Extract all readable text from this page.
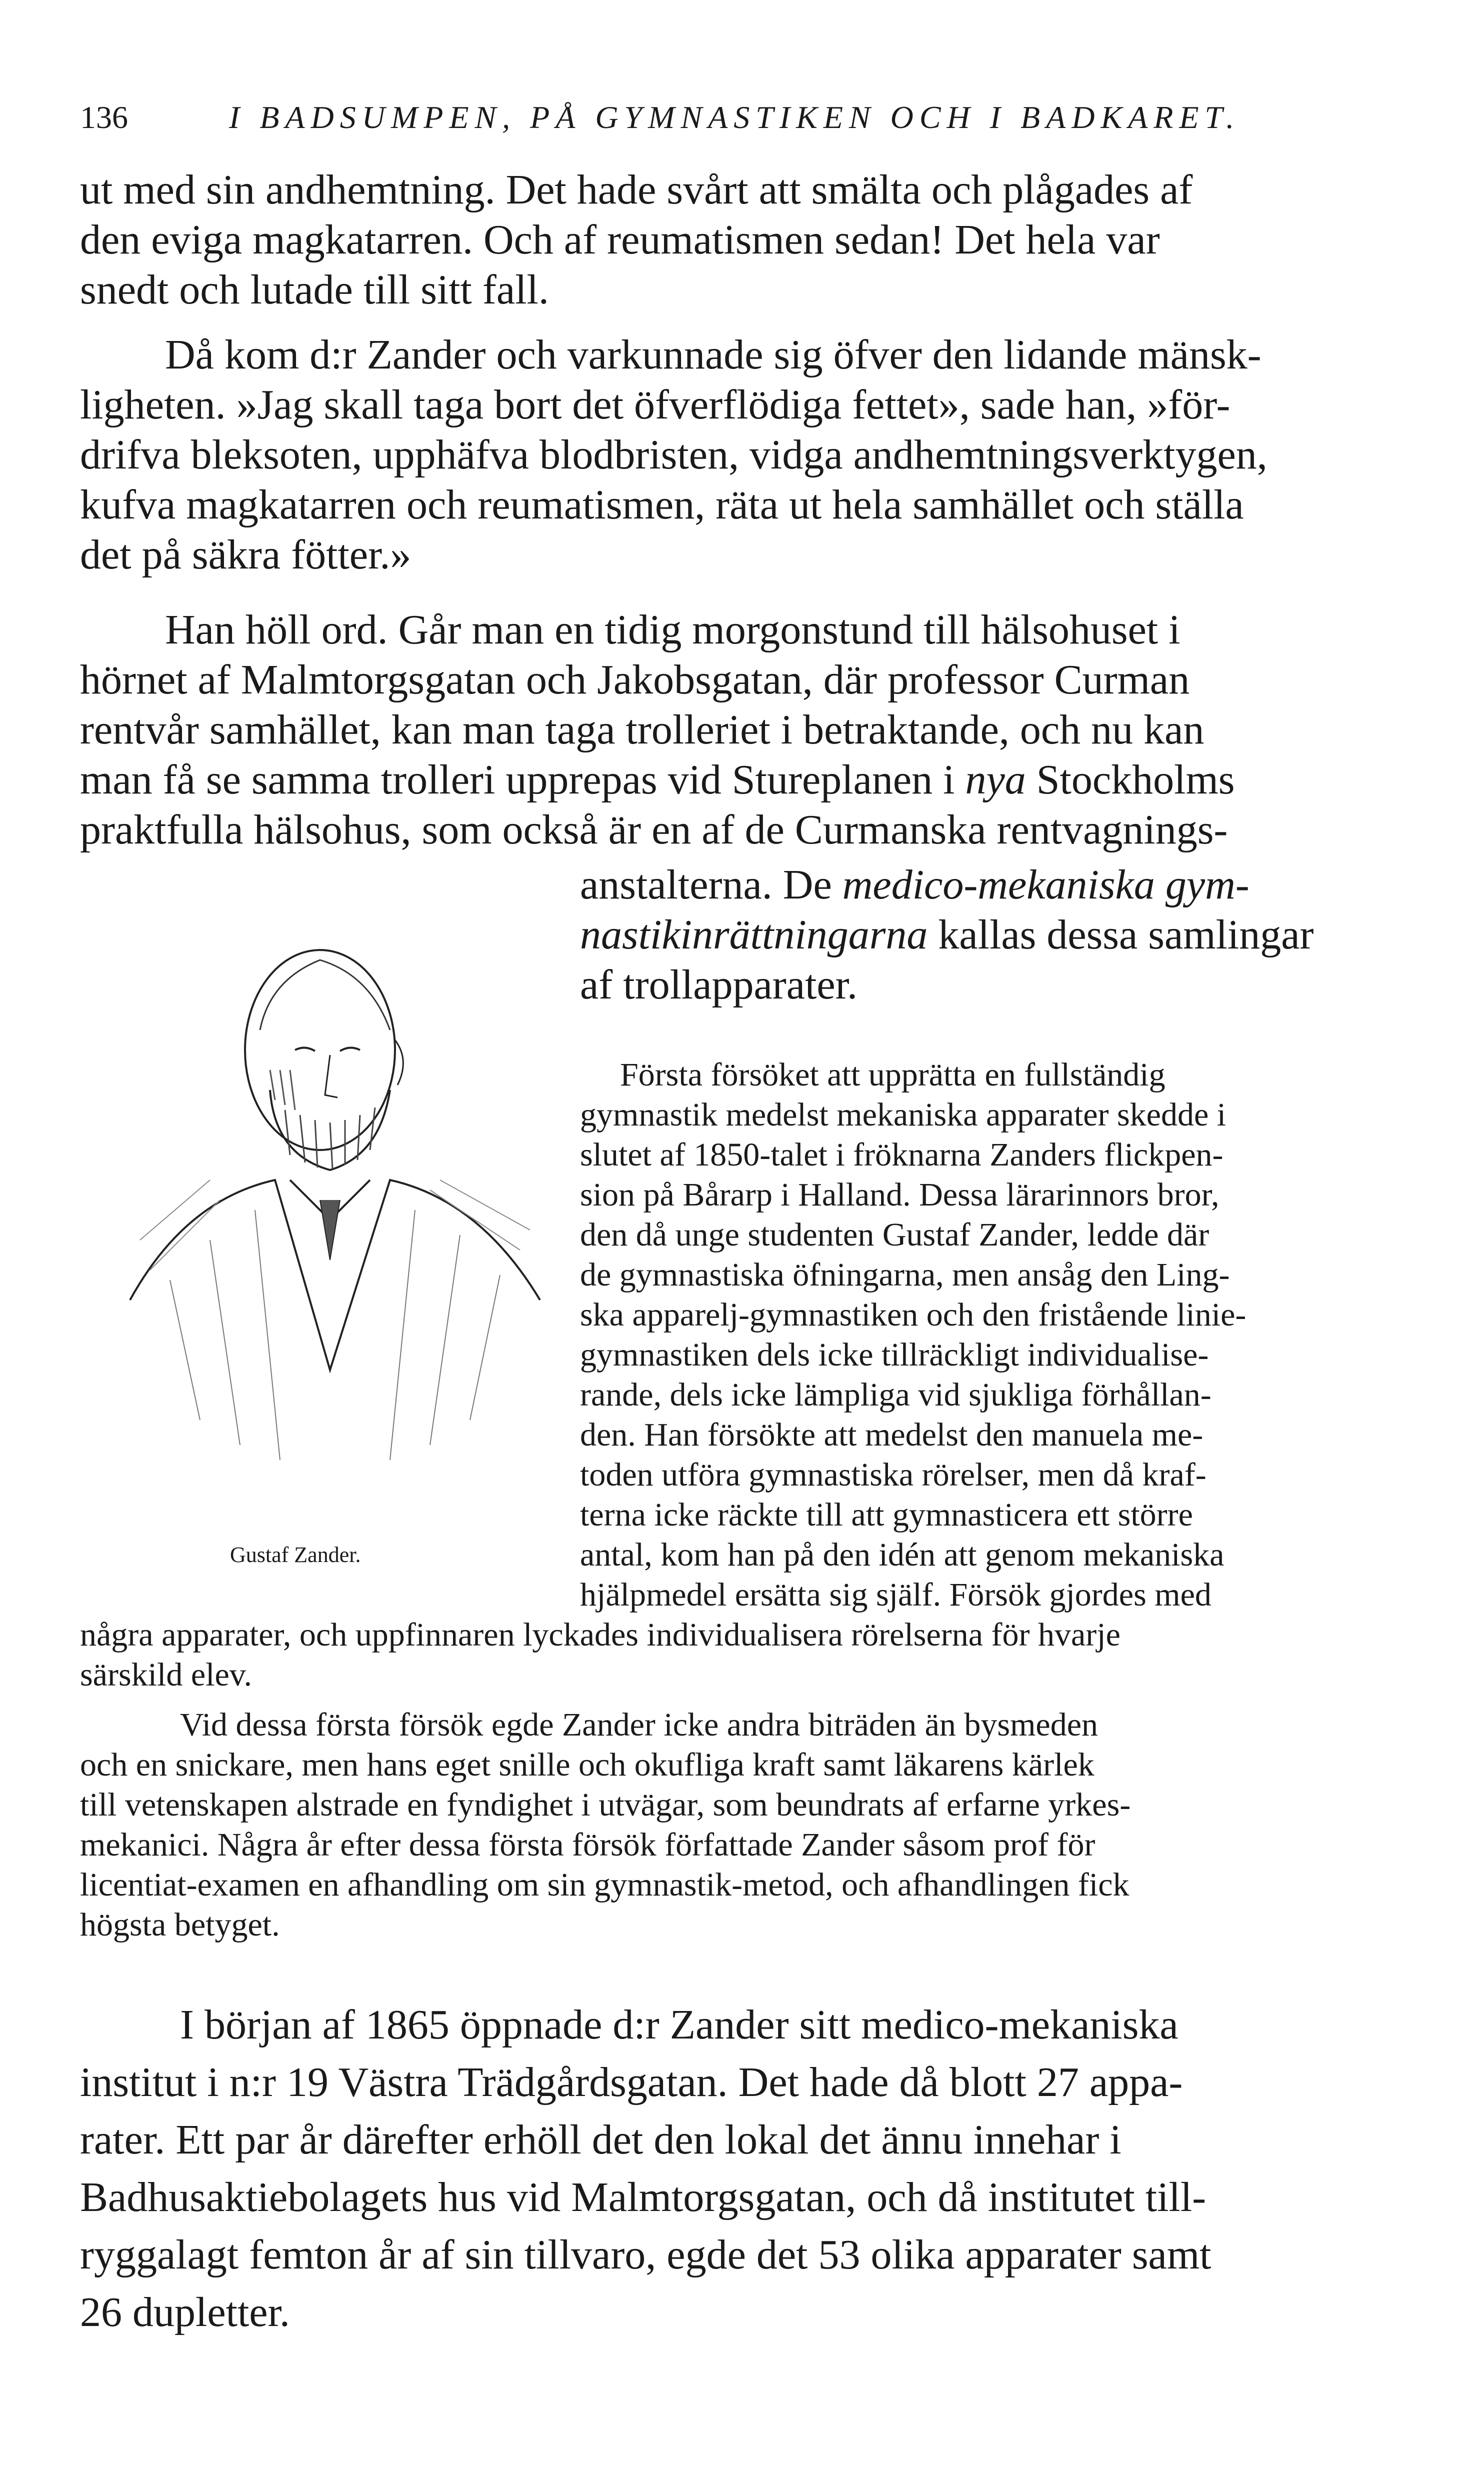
136	I BADSUMPEN, PÅ GYMNASTIKEN OCH I BADKARET.

ut med sin andhemtning. Det hade svårt att smälta och plågades af

den eviga magkatarren. Och af reumatismen sedan! Det hela var

snedt och lutade till sitt fall.

Då kom d:r Zander och varkunnade sig öfver den lidande mänsk-

ligheten. »Jag skall taga bort det öfverflödiga fettet», sade han, »för-

drifva bleksoten, upphäfva blodbristen, vidga andhemtningsverktygen,

kufva magkatarren och reumatismen, räta ut hela samhället och ställa

det på säkra fötter.»

Han höll ord. Går man en tidig morgonstund till hälsohuset i

hörnet af Malmtorgsgatan och Jakobsgatan, där professor Curman

rentvår samhället, kan man taga trolleriet i betraktande, och nu kan

man få se samma trolleri upprepas vid Stureplanen i nya Stockholms

praktfulla hälsohus, som också är en af de Curmanska rentvagnings-

anstalterna. De medico-mekaniska gym-

nastikinrättningarna kallas dessa samlingar

af trollapparater.

Gustaf Zander.

Första försöket att upprätta en fullständig

gymnastik medelst mekaniska apparater skedde i

slutet af 1850-talet i fröknarna Zanders flickpen-

sion på Bårarp i Halland. Dessa lärarinnors bror,

den då unge studenten Gustaf Zander, ledde där

de gymnastiska öfningarna, men ansåg den Ling-

ska apparelj-gymnastiken och den fristående linie-

gymnastiken dels icke tillräckligt individualise-

rande, dels icke lämpliga vid sjukliga förhållan-

den. Han försökte att medelst den manuela me-

toden utföra gymnastiska rörelser, men då kraf-

terna icke räckte till att gymnasticera ett större

antal, kom han på den idén att genom mekaniska

hjälpmedel ersätta sig själf. Försök gjordes med

några apparater, och uppfinnaren lyckades individualisera rörelserna för hvarje

särskild elev.

Vid dessa första försök egde Zander icke andra biträden än bysmeden

och en snickare, men hans eget snille och okufliga kraft samt läkarens kärlek

till vetenskapen alstrade en fyndighet i utvägar, som beundrats af erfarne yrkes-

mekanici. Några år efter dessa första försök författade Zander såsom prof för

licentiat-examen en afhandling om sin gymnastik-metod, och afhandlingen fick

högsta betyget.

I början af 1865 öppnade d:r Zander sitt medico-mekaniska

institut i n:r 19 Västra Trädgårdsgatan. Det hade då blott 27 appa-

rater. Ett par år därefter erhöll det den lokal det ännu innehar i

Badhusaktiebolagets hus vid Malmtorgsgatan, och då institutet till-

ryggalagt femton år af sin tillvaro, egde det 53 olika apparater samt

26 dupletter.
